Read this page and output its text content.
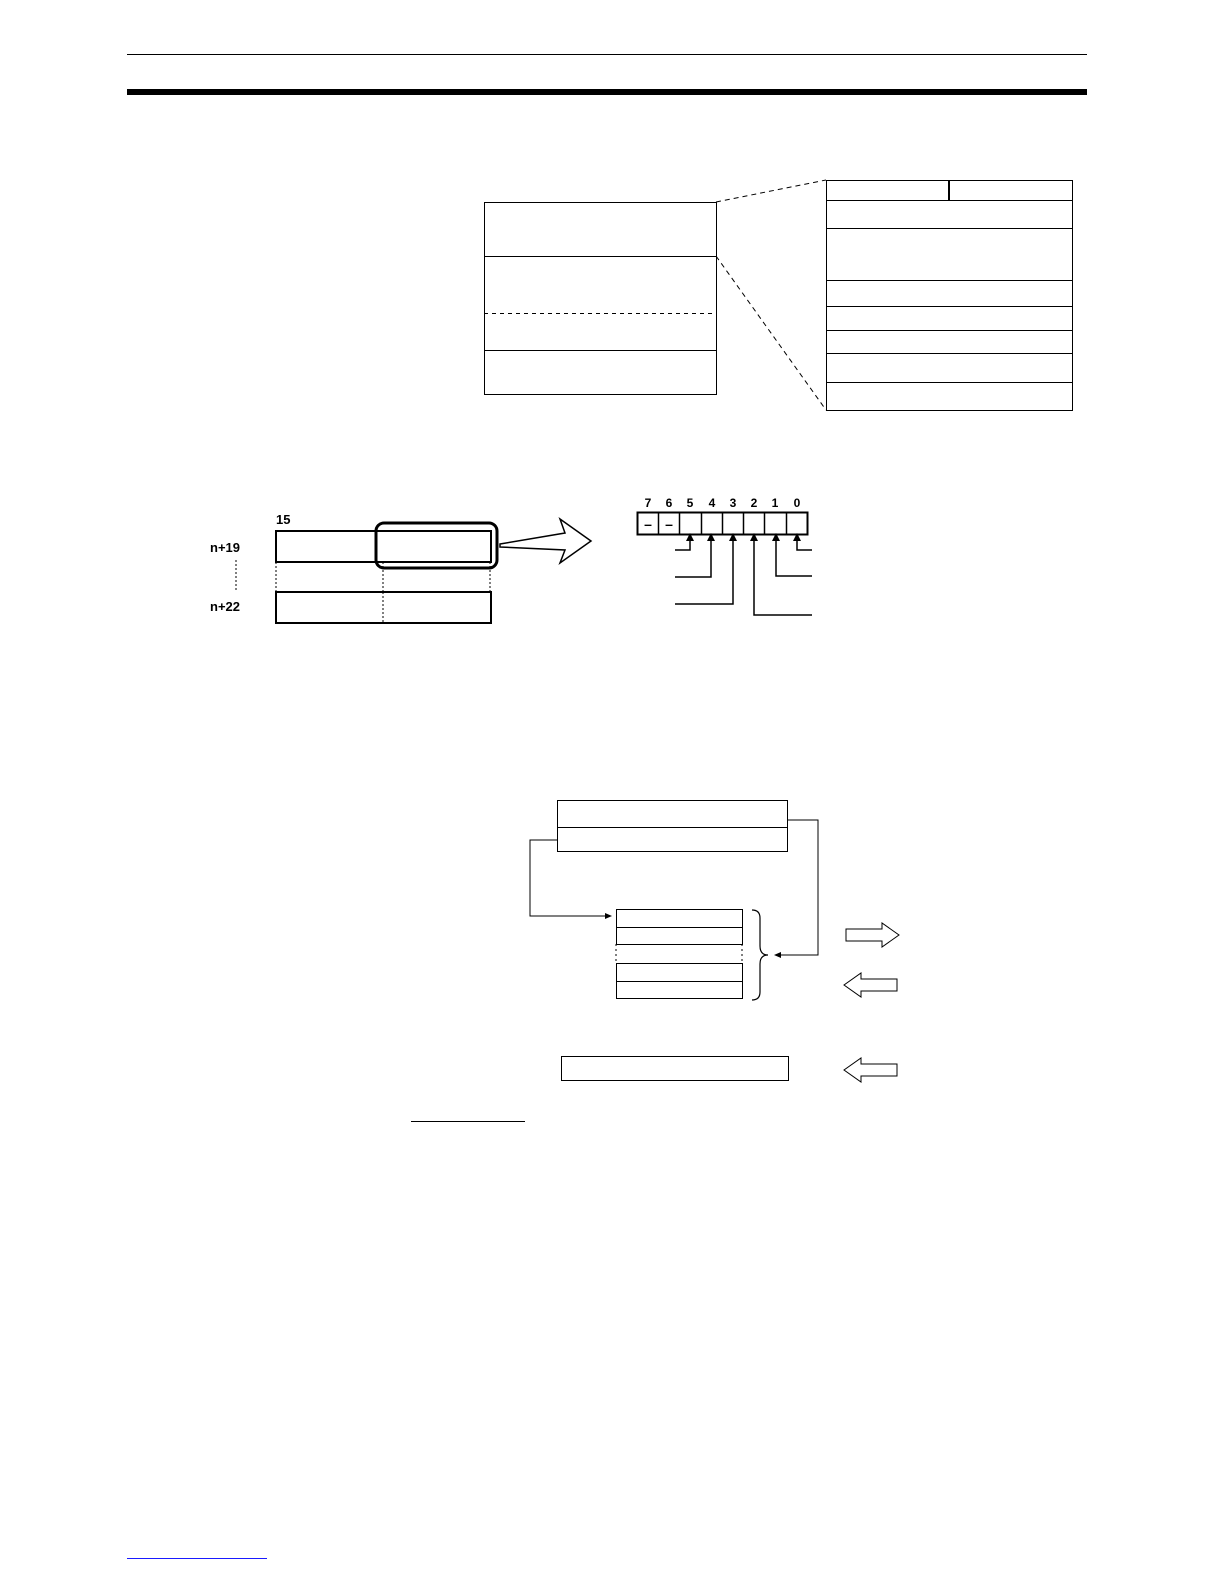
15
n+19
n+22
7 6 5 4 3 2 1 0
– –
